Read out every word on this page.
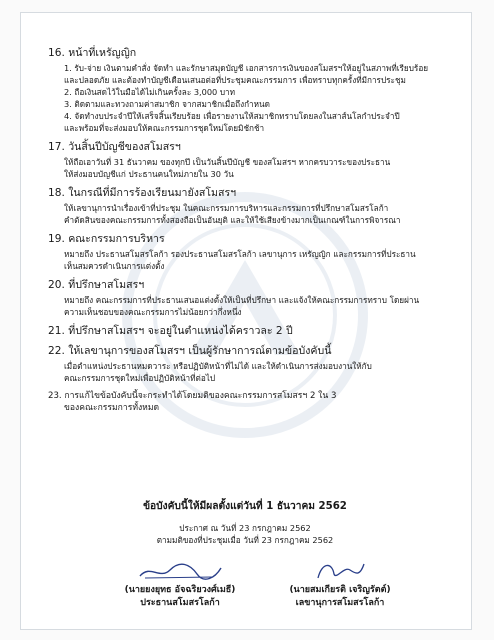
16. หน้าที่เหรัญญิก

1. รับ-จ่าย เงินตามคำสั่ง จัดทำ และรักษาสมุดบัญชี เอกสารการเงินของสโมสรฯให้อยู่ในสภาพที่เรียบร้อย

และปลอดภัย และต้องทำบัญชีเดือนเสนอต่อที่ประชุมคณะกรรมการ เพื่อทราบทุกครั้งที่มีการประชุม

2. ถือเงินสดไว้ในมือได้ไม่เกินครั้งละ 3,000 บาท

3. ติดตามและทวงถามค่าสมาชิก จากสมาชิกเมื่อถึงกำหนด

4. จัดทำงบประจำปีให้เสร็จสิ้นเรียบร้อย เพื่อรายงานให้สมาชิกทราบโดยลงในสาส์นโลกำประจำปี

และพร้อมที่จะส่งมอบให้คณะกรรมการชุดใหม่โดยมิชักช้า

17. วันสิ้นปีบัญชีของสโมสรฯ

ให้ถือเอาวันที่ 31 ธันวาคม ของทุกปี เป็นวันสิ้นปีบัญชี ของสโมสรฯ หากครบวาระของประธาน

ให้ส่งมอบบัญชีแก่ ประธานคนใหม่ภายใน 30 วัน

18. ในกรณีที่มีการร้องเรียนมายังสโมสรฯ

ให้เลขานุการนำเรื่องเข้าที่ประชุม ในคณะกรรมการบริหารและกรรมการที่ปรึกษาสโมสรโลก้า

คำตัดสินของคณะกรรมการทั้งสองถือเป็นอันยุติ และให้ใช้เสียงข้างมากเป็นเกณฑ์ในการพิจารณา

19. คณะกรรมการบริหาร

หมายถึง ประธานสโมสรโลก้า รองประธานสโมสรโลก้า เลขานุการ เหรัญญิก และกรรมการที่ประธาน

เห็นสมควรดำเนินการแต่งตั้ง

20. ที่ปรึกษาสโมสรฯ

หมายถึง คณะกรรมการที่ประธานเสนอแต่งตั้งให้เป็นที่ปรึกษา และแจ้งให้คณะกรรมการทราบ โดยผ่าน

ความเห็นชอบของคณะกรรมการไม่น้อยกว่ากึ่งหนึ่ง

21. ที่ปรึกษาสโมสรฯ จะอยู่ในตำแหน่งได้คราวละ 2 ปี

22. ให้เลขานุการของสโมสรฯ เป็นผู้รักษาการณ์ตามข้อบังคับนี้

เมื่อตำแหน่งประธานหมดวาระ หรือปฏิบัติหน้าที่ไม่ได้ และให้ดำเนินการส่งมอบงานให้กับ

คณะกรรมการชุดใหม่เพื่อปฏิบัติหน้าที่ต่อไป

23. การแก้ไขข้อบังคับนี้จะกระทำได้โดยมติของคณะกรรมการสโมสรฯ 2 ใน 3

ของคณะกรรมการทั้งหมด

ข้อบังคับนี้ให้มีผลตั้งแต่วันที่ 1 ธันวาคม 2562

ประกาศ ณ วันที่ 23 กรกฎาคม 2562

ตามมติของที่ประชุมเมื่อ วันที่ 23 กรกฎาคม 2562

(นายยงยุทธ อัจฉริยวงศ์เมธี)

ประธานสโมสรโลก้า

(นายสมเกียรติ เจริญรัตต์)

เลขานุการสโมสรโลก้า
